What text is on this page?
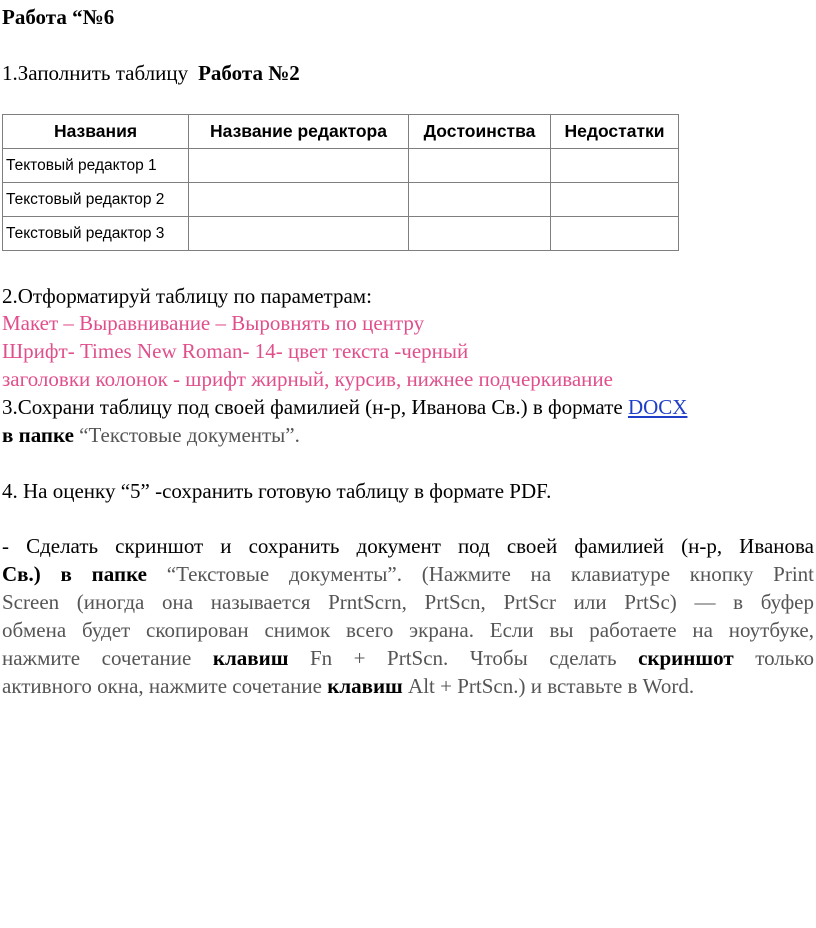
Работа “№6
1.Заполнить таблицу Работа №2
Названия	Название редактора	Достоинства	Недостатки
Тектовый редактор 1			
Текстовый редактор 2			
Текстовый редактор 3			
2.Отформатируй таблицу по параметрам:
Макет – Выравнивание – Выровнять по центру
Шрифт- Times New Roman- 14- цвет текста -черный
заголовки колонок - шрифт жирный, курсив, нижнее подчеркивание
3.Сохрани таблицу под своей фамилией (н-р, Иванова Св.) в формате DOCX
в папке “Текстовые документы”.
4. На оценку “5” -сохранить готовую таблицу в формате PDF.
- Сделать скриншот и сохранить документ под своей фамилией (н-р, Иванова
Св.) в папке “Текстовые документы”. (Нажмите на клавиатуре кнопку Print
Screen (иногда она называется PrntScrn, PrtScn, PrtScr или PrtSc) — в буфер
обмена будет скопирован снимок всего экрана. Если вы работаете на ноутбуке,
нажмите сочетание клавиш Fn + PrtScn. Чтобы сделать скриншот только
активного окна, нажмите сочетание клавиш Alt + PrtScn.) и вставьте в Word.
